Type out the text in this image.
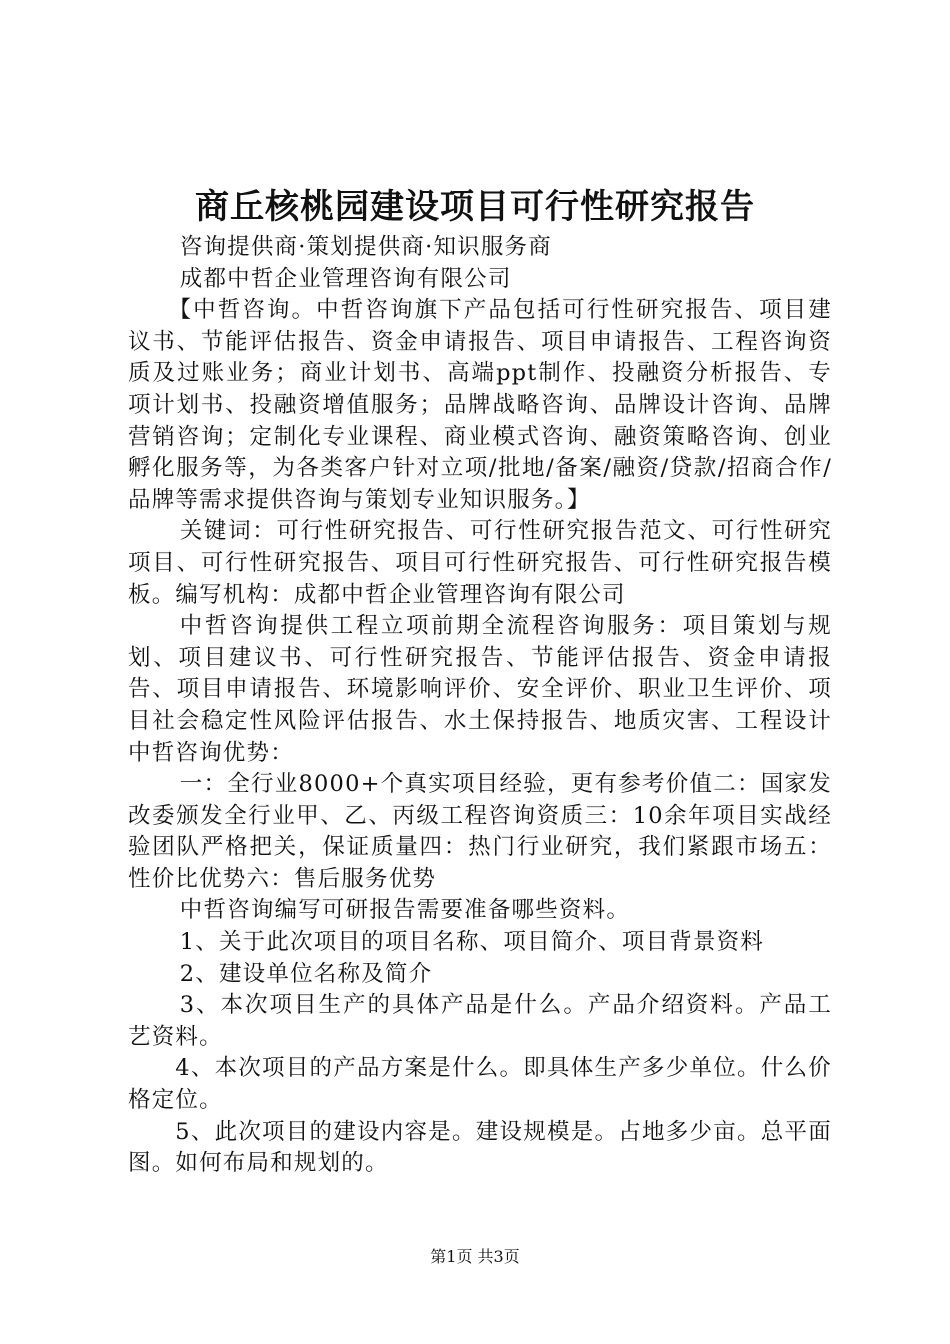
商丘核桃园建设项目可行性研究报告

咨询提供商·策划提供商·知识服务商

成都中哲企业管理咨询有限公司

【中哲咨询。中哲咨询旗下产品包括可行性研究报告、项目建议书、节能评估报告、资金申请报告、项目申请报告、工程咨询资质及过账业务；商业计划书、高端ppt制作、投融资分析报告、专项计划书、投融资增值服务；品牌战略咨询、品牌设计咨询、品牌营销咨询；定制化专业课程、商业模式咨询、融资策略咨询、创业孵化服务等，为各类客户针对立项/批地/备案/融资/贷款/招商合作/品牌等需求提供咨询与策划专业知识服务。】

关键词：可行性研究报告、可行性研究报告范文、可行性研究项目、可行性研究报告、项目可行性研究报告、可行性研究报告模板。编写机构：成都中哲企业管理咨询有限公司

中哲咨询提供工程立项前期全流程咨询服务：项目策划与规划、项目建议书、可行性研究报告、节能评估报告、资金申请报告、项目申请报告、环境影响评价、安全评价、职业卫生评价、项目社会稳定性风险评估报告、水土保持报告、地质灾害、工程设计中哲咨询优势：

一：全行业8000+个真实项目经验，更有参考价值二：国家发改委颁发全行业甲、乙、丙级工程咨询资质三：10余年项目实战经验团队严格把关，保证质量四：热门行业研究，我们紧跟市场五：性价比优势六：售后服务优势

中哲咨询编写可研报告需要准备哪些资料。

1、关于此次项目的项目名称、项目简介、项目背景资料

2、建设单位名称及简介

3、本次项目生产的具体产品是什么。产品介绍资料。产品工艺资料。

4、本次项目的产品方案是什么。即具体生产多少单位。什么价格定位。

5、此次项目的建设内容是。建设规模是。占地多少亩。总平面图。如何布局和规划的。

第1页 共3页
